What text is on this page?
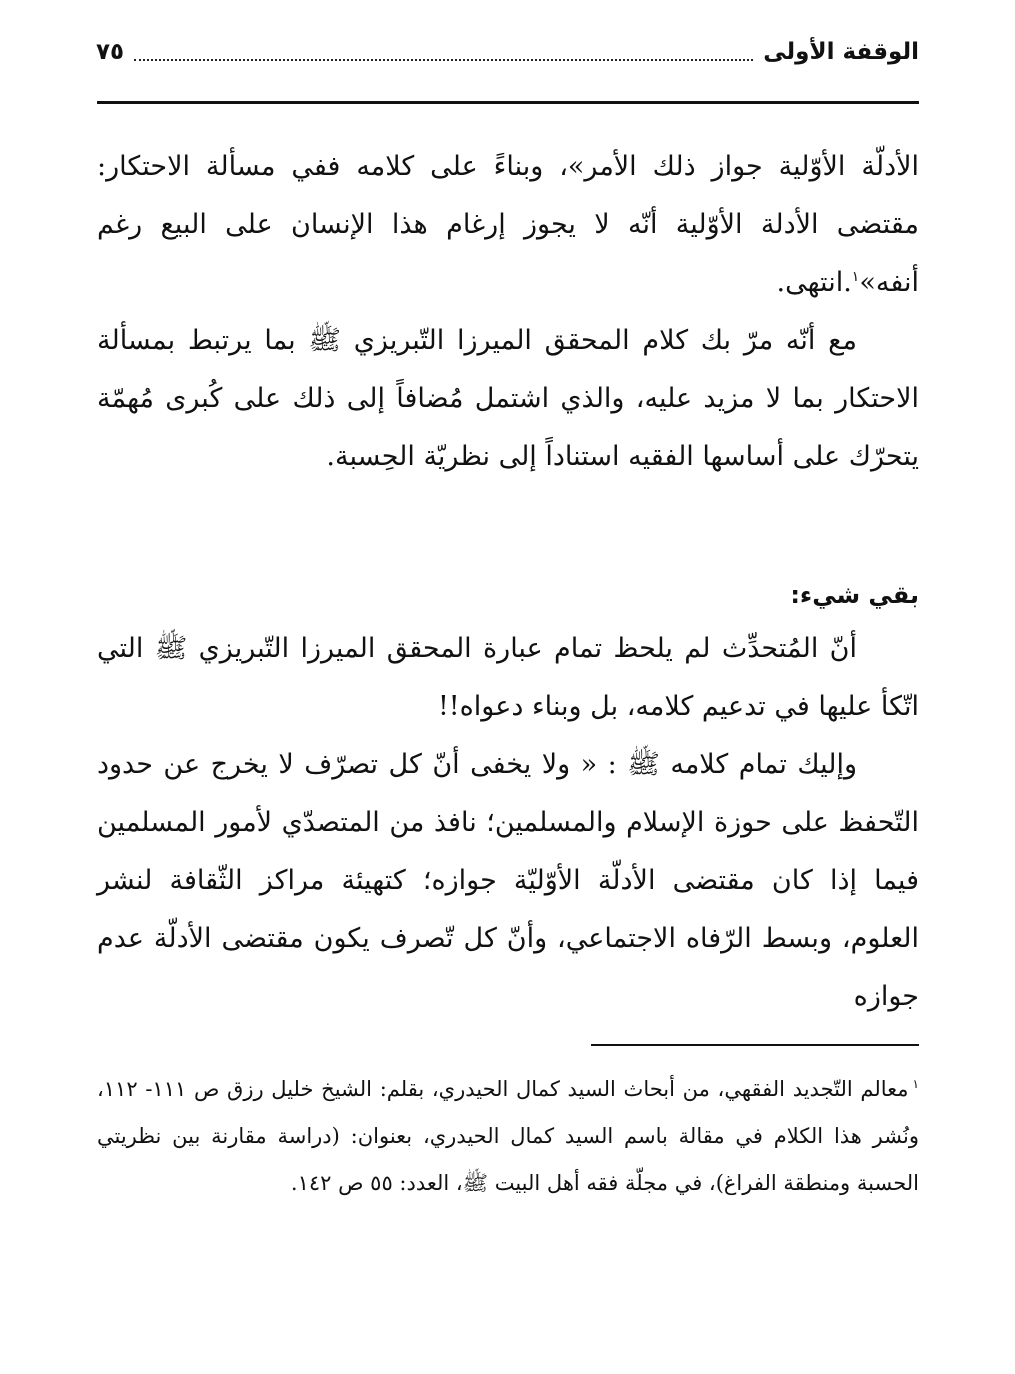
الوقفة الأولى
٧٥

الأدلّة الأوّلية جواز ذلك الأمر»، وبناءً على كلامه ففي مسألة الاحتكار: مقتضى الأدلة الأوّلية أنّه لا يجوز إرغام هذا الإنسان على البيع رغم أنفه»$^١$.انتهى.

مع أنّه مرّ بك كلام المحقق الميرزا التّبريزي ﷺ بما يرتبط بمسألة الاحتكار بما لا مزيد عليه، والذي اشتمل مُضافاً إلى ذلك على كُبرى مُهمّة يتحرّك على أساسها الفقيه استناداً إلى نظريّة الحِسبة.

بقي شيء:

أنّ المُتحدِّث لم يلحظ تمام عبارة المحقق الميرزا التّبريزي ﷺ التي اتّكأ عليها في تدعيم كلامه، بل وبناء دعواه!!

وإليك تمام كلامه ﷺ : « ولا يخفى أنّ كل تصرّف لا يخرج عن حدود التّحفظ على حوزة الإسلام والمسلمين؛ نافذ من المتصدّي لأمور المسلمين فيما إذا كان مقتضى الأدلّة الأوّليّة جوازه؛ كتهيئة مراكز الثّقافة لنشر العلوم، وبسط الرّفاه الاجتماعي، وأنّ كل تّصرف يكون مقتضى الأدلّة عدم جوازه

$^١$معالم التّجديد الفقهي، من أبحاث السيد كمال الحيدري، بقلم: الشيخ خليل رزق ص ١١١- ١١٢، ونُشر هذا الكلام في مقالة باسم السيد كمال الحيدري، بعنوان: (دراسة مقارنة بين نظريتي الحسبة ومنطقة الفراغ)، في مجلّة فقه أهل البيت ﷺ، العدد: ٥٥ ص ١٤٢.
